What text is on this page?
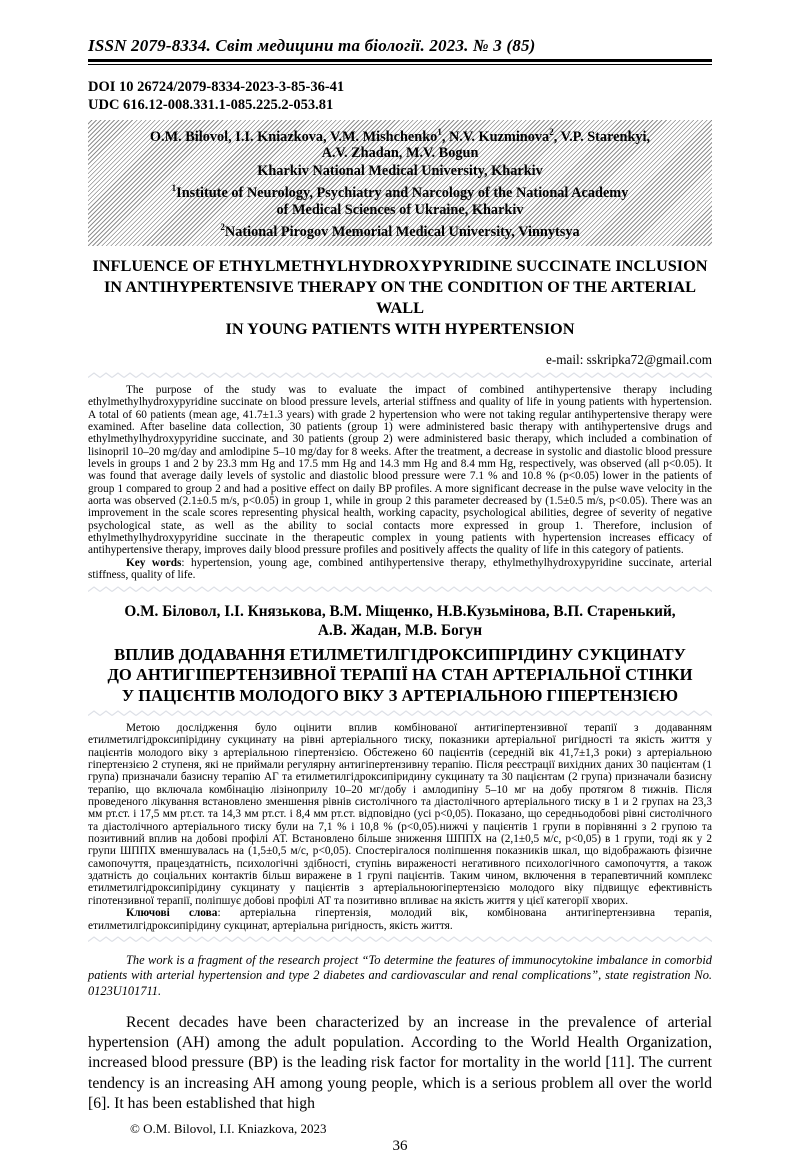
ISSN 2079-8334. Світ медицини та біології. 2023. № 3 (85)
DOI 10 26724/2079-8334-2023-3-85-36-41
UDC 616.12-008.331.1-085.225.2-053.81
O.M. Bilovol, I.I. Kniazkova, V.M. Mishchenko$^1$, N.V. Kuzminova$^2$, V.P. Starenkyi,
A.V. Zhadan, M.V. Bogun
Kharkiv National Medical University, Kharkiv
$^1$Institute of Neurology, Psychiatry and Narcology of the National Academy
of Medical Sciences of Ukraine, Kharkiv
$^2$National Pirogov Memorial Medical University, Vinnytsya
INFLUENCE OF ETHYLMETHYLHYDROXYPYRIDINE SUCCINATE INCLUSION
IN ANTIHYPERTENSIVE THERAPY ON THE CONDITION OF THE ARTERIAL WALL
IN YOUNG PATIENTS WITH HYPERTENSION
e-mail: sskripka72@gmail.com

The purpose of the study was to evaluate the impact of combined antihypertensive therapy including ethylmethylhydroxypyridine succinate on blood pressure levels, arterial stiffness and quality of life in young patients with hypertension. A total of 60 patients (mean age, 41.7±1.3 years) with grade 2 hypertension who were not taking regular antihypertensive therapy were examined. After baseline data collection, 30 patients (group 1) were administered basic therapy with antihypertensive drugs and ethylmethylhydroxypyridine succinate, and 30 patients (group 2) were administered basic therapy, which included a combination of lisinopril 10–20 mg/day and amlodipine 5–10 mg/day for 8 weeks. After the treatment, a decrease in systolic and diastolic blood pressure levels in groups 1 and 2 by 23.3 mm Hg and 17.5 mm Hg and 14.3 mm Hg and 8.4 mm Hg, respectively, was observed (all p<0.05). It was found that average daily levels of systolic and diastolic blood pressure were 7.1 % and 10.8 % (p<0.05) lower in the patients of group 1 compared to group 2 and had a positive effect on daily BP profiles. A more significant decrease in the pulse wave velocity in the aorta was observed (2.1±0.5 m/s, p<0.05) in group 1, while in group 2 this parameter decreased by (1.5±0.5 m/s, p<0.05). There was an improvement in the scale scores representing physical health, working capacity, psychological abilities, degree of severity of negative psychological state, as well as the ability to social contacts more expressed in group 1. Therefore, inclusion of ethylmethylhydroxypyridine succinate in the therapeutic complex in young patients with hypertension increases efficacy of antihypertensive therapy, improves daily blood pressure profiles and positively affects the quality of life in this category of patients.

Key words: hypertension, young age, combined antihypertensive therapy, ethylmethylhydroxypyridine succinate, arterial stiffness, quality of life.

О.М. Біловол, І.І. Князькова, В.М. Міщенко, Н.В.Кузьмінова, В.П. Старенький,
А.В. Жадан, М.В. Богун
ВПЛИВ ДОДАВАННЯ ЕТИЛМЕТИЛГІДРОКСИПІРІДИНУ СУКЦИНАТУ
ДО АНТИГІПЕРТЕНЗИВНОЇ ТЕРАПІЇ НА СТАН АРТЕРІАЛЬНОЇ СТІНКИ
У ПАЦІЄНТІВ МОЛОДОГО ВІКУ З АРТЕРІАЛЬНОЮ ГІПЕРТЕНЗІЄЮ

Метою дослідження було оцінити вплив комбінованої антигіпертензивної терапії з додаванням етилметилгідроксипірідину сукцинату на рівні артеріального тиску, показники артеріальної ригідності та якість життя у пацієнтів молодого віку з артеріальною гіпертензією. Обстежено 60 пацієнтів (середній вік 41,7±1,3 роки) з артеріальною гіпертензією 2 ступеня, які не приймали регулярну антигіпертензивну терапію. Після реєстрації вихідних даних 30 пацієнтам (1 група) призначали базисну терапію АГ та етилметилгідроксипіридину сукцинату та 30 пацієнтам (2 група) призначали базисну терапію, що включала комбінацію лізіноприлу 10–20 мг/добу і амлодипіну 5–10 мг на добу протягом 8 тижнів. Після проведеного лікування встановлено зменшення рівнів систолічного та діастолічного артеріального тиску в 1 и 2 групах на 23,3 мм рт.ст. і 17,5 мм рт.ст. та 14,3 мм рт.ст. і 8,4 мм рт.ст. відповідно (усі p<0,05). Показано, що середньодобові рівні систолічного та діастолічного артеріального тиску були на 7,1 % і 10,8 % (p<0,05).нижчі у пацієнтів 1 групи в порівнянні з 2 групою та позитивний вплив на добові профілі АТ. Встановлено більше зниження ШППХ на (2,1±0,5 м/с, p<0,05) в 1 групи, тоді як у 2 групи ШППХ вменшувалась на (1,5±0,5 м/с, p<0,05). Спостерігалося поліпшення показників шкал, що відображають фізичне самопочуття, працездатність, психологічні здібності, ступінь вираженості негативного психологічного самопочуття, а також здатність до соціальних контактів більш виражене в 1 групі пацієнтів. Таким чином, включення в терапевтичний комплекс етилметилгідроксипірідину сукцинату у пацієнтів з артеріальноюгіпертензією молодого віку підвищує ефективність гіпотензивної терапії, поліпшує добові профілі АТ та позитивно впливає на якість життя у цієї категорії хворих.

Ключові слова: артеріальна гіпертензія, молодий вік, комбінована антигіпертензивна терапія, етилметилгідроксипірідину сукцинат, артеріальна ригідность, якість життя.

The work is a fragment of the research project “To determine the features of immunocytokine imbalance in comorbid patients with arterial hypertension and type 2 diabetes and cardiovascular and renal complications”, state registration No. 0123U101711.

Recent decades have been characterized by an increase in the prevalence of arterial hypertension (AH) among the adult population. According to the World Health Organization, increased blood pressure (BP) is the leading risk factor for mortality in the world [11]. The current tendency is an increasing AH among young people, which is a serious problem all over the world [6]. It has been established that high

© O.M. Bilovol, I.I. Kniazkova, 2023
36
